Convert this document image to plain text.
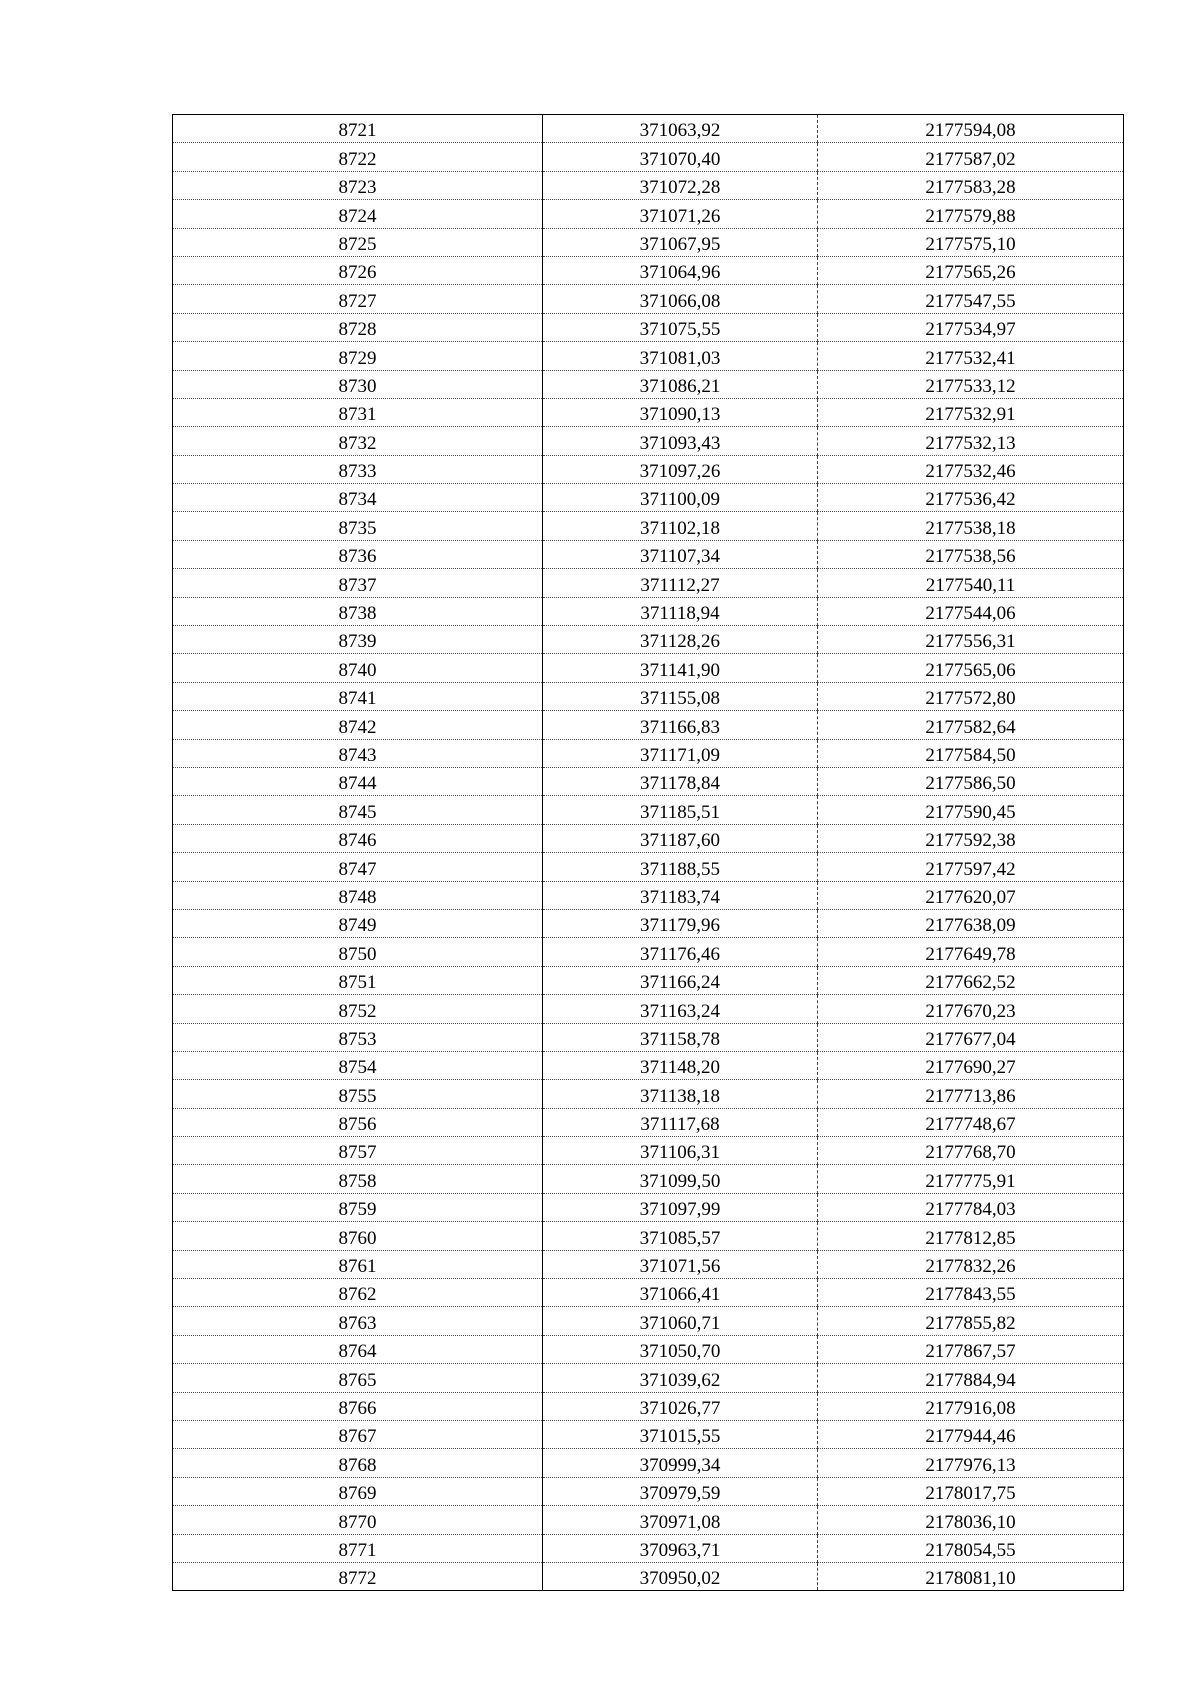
8721	371063,92	2177594,08
8722	371070,40	2177587,02
8723	371072,28	2177583,28
8724	371071,26	2177579,88
8725	371067,95	2177575,10
8726	371064,96	2177565,26
8727	371066,08	2177547,55
8728	371075,55	2177534,97
8729	371081,03	2177532,41
8730	371086,21	2177533,12
8731	371090,13	2177532,91
8732	371093,43	2177532,13
8733	371097,26	2177532,46
8734	371100,09	2177536,42
8735	371102,18	2177538,18
8736	371107,34	2177538,56
8737	371112,27	2177540,11
8738	371118,94	2177544,06
8739	371128,26	2177556,31
8740	371141,90	2177565,06
8741	371155,08	2177572,80
8742	371166,83	2177582,64
8743	371171,09	2177584,50
8744	371178,84	2177586,50
8745	371185,51	2177590,45
8746	371187,60	2177592,38
8747	371188,55	2177597,42
8748	371183,74	2177620,07
8749	371179,96	2177638,09
8750	371176,46	2177649,78
8751	371166,24	2177662,52
8752	371163,24	2177670,23
8753	371158,78	2177677,04
8754	371148,20	2177690,27
8755	371138,18	2177713,86
8756	371117,68	2177748,67
8757	371106,31	2177768,70
8758	371099,50	2177775,91
8759	371097,99	2177784,03
8760	371085,57	2177812,85
8761	371071,56	2177832,26
8762	371066,41	2177843,55
8763	371060,71	2177855,82
8764	371050,70	2177867,57
8765	371039,62	2177884,94
8766	371026,77	2177916,08
8767	371015,55	2177944,46
8768	370999,34	2177976,13
8769	370979,59	2178017,75
8770	370971,08	2178036,10
8771	370963,71	2178054,55
8772	370950,02	2178081,10
